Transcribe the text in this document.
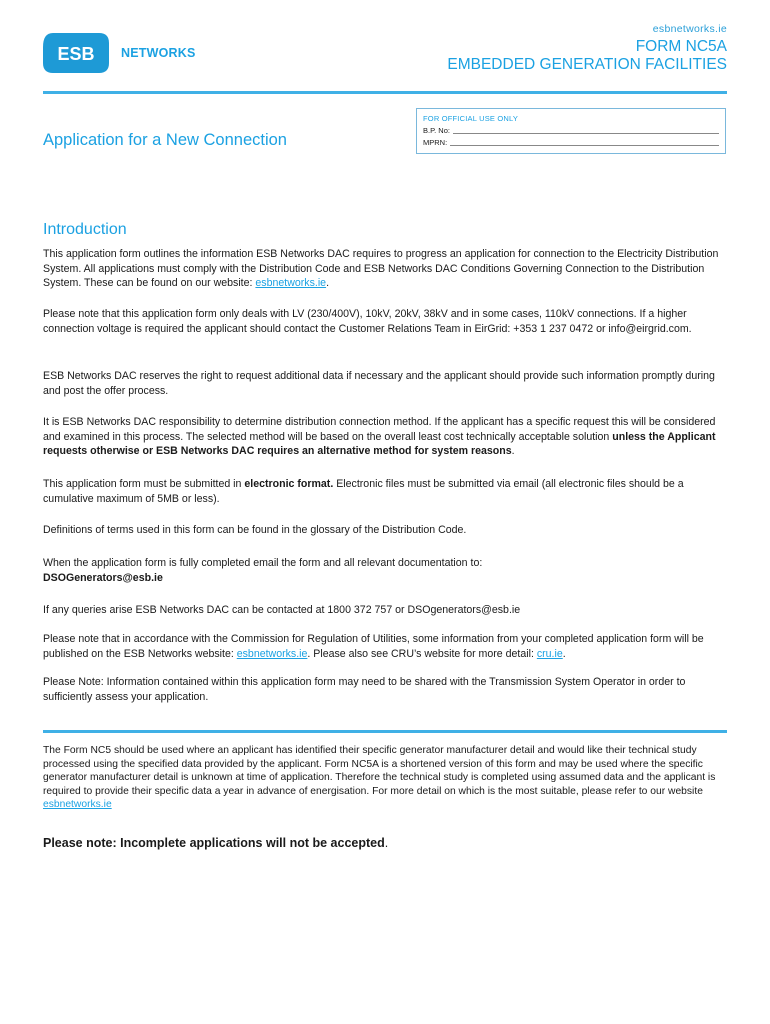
esbnetworks.ie
ESB NETWORKS	FORM NC5A
EMBEDDED GENERATION FACILITIES
Application for a New Connection
FOR OFFICIAL USE ONLY
B.P. No:
MPRN:
Introduction

This application form outlines the information ESB Networks DAC requires to progress an application for connection to the Electricity Distribution System. All applications must comply with the Distribution Code and ESB Networks DAC Conditions Governing Connection to the Distribution System. These can be found on our website: esbnetworks.ie.

Please note that this application form only deals with LV (230/400V), 10kV, 20kV, 38kV and in some cases, 110kV connections. If a higher connection voltage is required the applicant should contact the Customer Relations Team in EirGrid: +353 1 237 0472 or info@eirgrid.com.

ESB Networks DAC reserves the right to request additional data if necessary and the applicant should provide such information promptly during and post the offer process.

It is ESB Networks DAC responsibility to determine distribution connection method. If the applicant has a specific request this will be considered and examined in this process. The selected method will be based on the overall least cost technically acceptable solution unless the Applicant requests otherwise or ESB Networks DAC requires an alternative method for system reasons.

This application form must be submitted in electronic format. Electronic files must be submitted via email (all electronic files should be a cumulative maximum of 5MB or less).

Definitions of terms used in this form can be found in the glossary of the Distribution Code.

When the application form is fully completed email the form and all relevant documentation to:

DSOGenerators@esb.ie

If any queries arise ESB Networks DAC can be contacted at 1800 372 757 or DSOgenerators@esb.ie

Please note that in accordance with the Commission for Regulation of Utilities, some information from your completed application form will be published on the ESB Networks website: esbnetworks.ie. Please also see CRU’s website for more detail: cru.ie.

Please Note: Information contained within this application form may need to be shared with the Transmission System Operator in order to sufficiently assess your application.

The Form NC5 should be used where an applicant has identified their specific generator manufacturer detail and would like their technical study processed using the specified data provided by the applicant. Form NC5A is a shortened version of this form and may be used where the specific generator manufacturer detail is unknown at time of application. Therefore the technical study is completed using assumed data and the applicant is required to provide their specific data a year in advance of energisation. For more detail on which is the most suitable, please refer to our website esbnetworks.ie

Please note: Incomplete applications will not be accepted.
